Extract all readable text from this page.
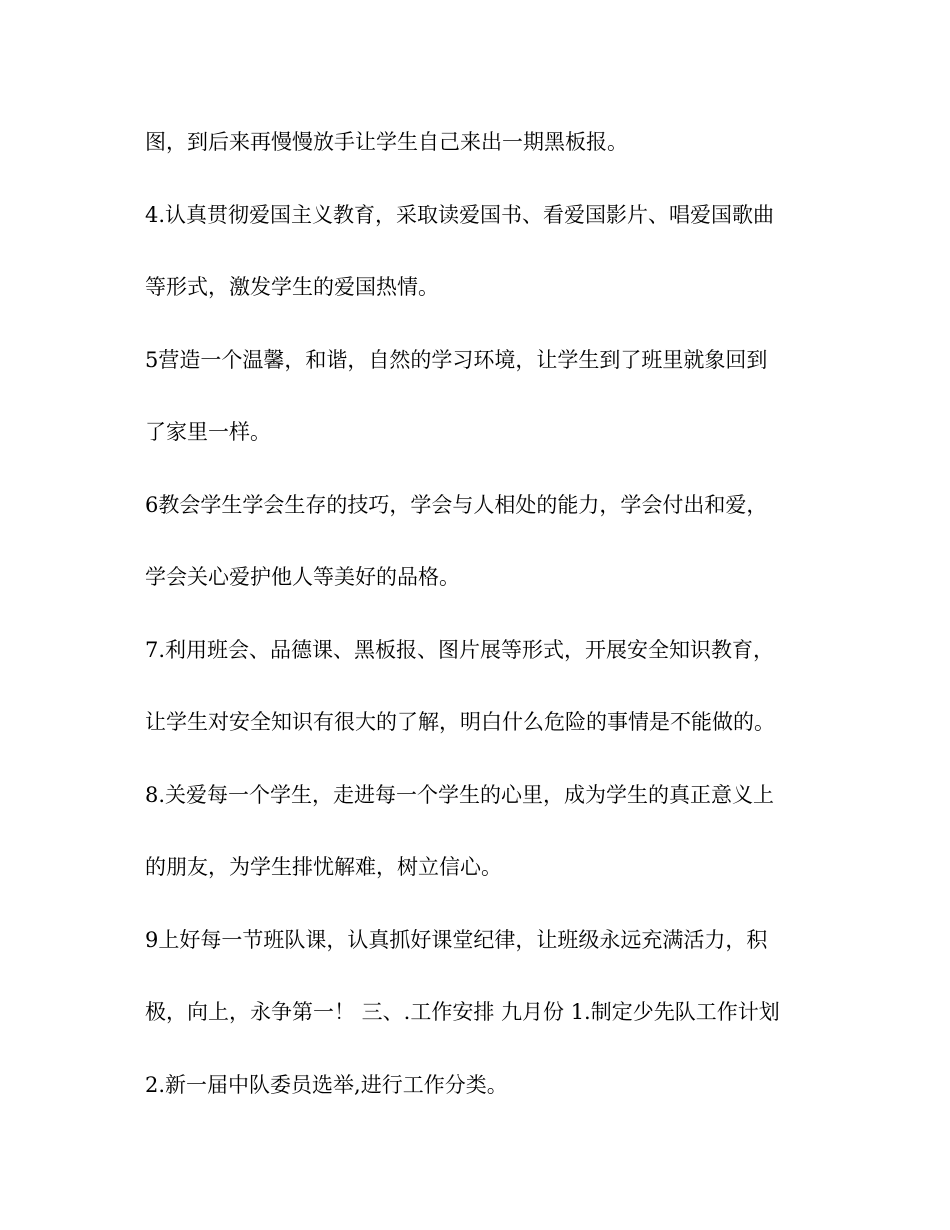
图，到后来再慢慢放手让学生自己来出一期黑板报。

4.认真贯彻爱国主义教育，采取读爱国书、看爱国影片、唱爱国歌曲

等形式，激发学生的爱国热情。

5营造一个温馨，和谐，自然的学习环境，让学生到了班里就象回到

了家里一样。

6教会学生学会生存的技巧，学会与人相处的能力，学会付出和爱，

学会关心爱护他人等美好的品格。

7.利用班会、品德课、黑板报、图片展等形式，开展安全知识教育，

让学生对安全知识有很大的了解，明白什么危险的事情是不能做的。

8.关爱每一个学生，走进每一个学生的心里，成为学生的真正意义上

的朋友，为学生排忧解难，树立信心。

9上好每一节班队课，认真抓好课堂纪律，让班级永远充满活力，积

极，向上，永争第一！ 三、.工作安排 九月份 1.制定少先队工作计划

2.新一届中队委员选举,进行工作分类。
